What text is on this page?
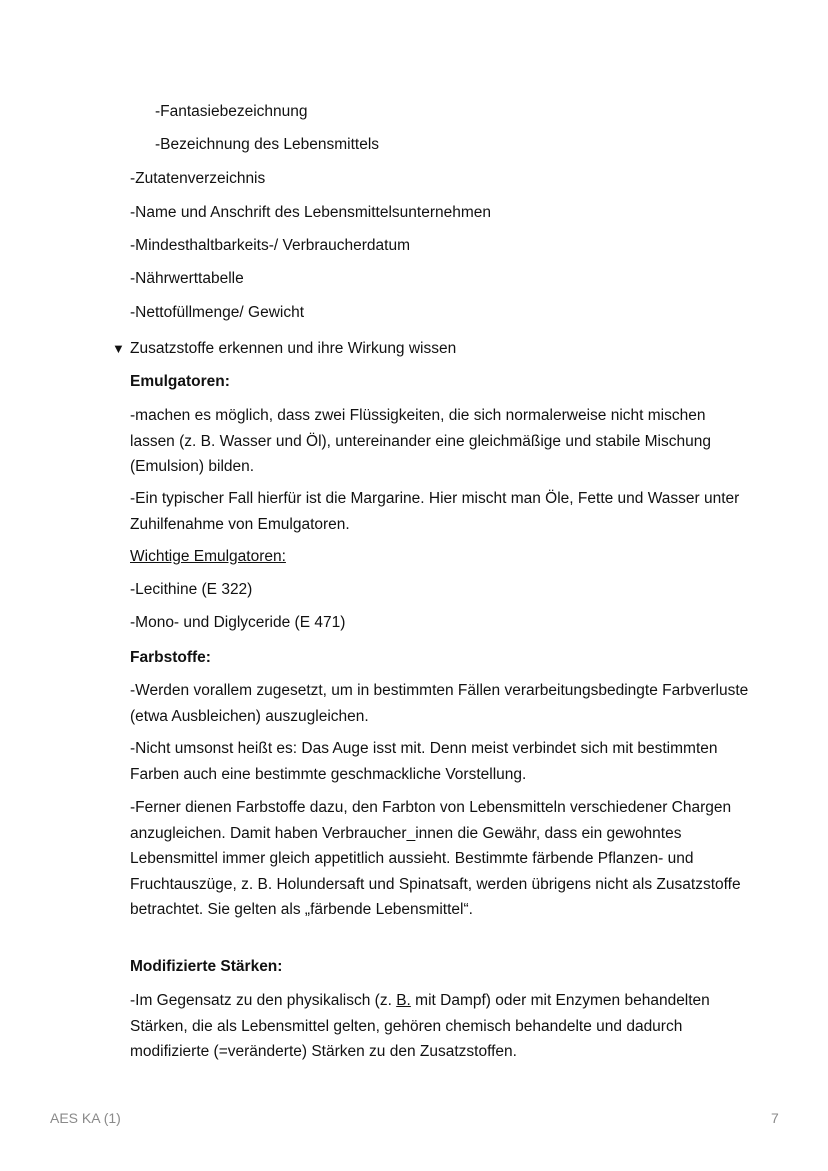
-Fantasiebezeichnung
-Bezeichnung des Lebensmittels
-Zutatenverzeichnis
-Name und Anschrift des Lebensmittelsunternehmen
-Mindesthaltbarkeits-/ Verbraucherdatum
-Nährwerttabelle
-Nettofüllmenge/ Gewicht
▼ Zusatzstoffe erkennen und ihre Wirkung wissen
Emulgatoren:
-machen es möglich, dass zwei Flüssigkeiten, die sich normalerweise nicht mischen lassen (z. B. Wasser und Öl), untereinander eine gleichmäßige und stabile Mischung (Emulsion) bilden.
-Ein typischer Fall hierfür ist die Margarine. Hier mischt man Öle, Fette und Wasser unter Zuhilfenahme von Emulgatoren.
Wichtige Emulgatoren:
-Lecithine (E 322)
-Mono- und Diglyceride (E 471)
Farbstoffe:
-Werden vorallem zugesetzt, um in bestimmten Fällen verarbeitungsbedingte Farbverluste (etwa Ausbleichen) auszugleichen.
-Nicht umsonst heißt es: Das Auge isst mit. Denn meist verbindet sich mit bestimmten Farben auch eine bestimmte geschmackliche Vorstellung.
-Ferner dienen Farbstoffe dazu, den Farbton von Lebensmitteln verschiedener Chargen anzugleichen. Damit haben Verbraucher_innen die Gewähr, dass ein gewohntes Lebensmittel immer gleich appetitlich aussieht. Bestimmte färbende Pflanzen- und Fruchtauszüge, z. B. Holundersaft und Spinatsaft, werden übrigens nicht als Zusatzstoffe betrachtet. Sie gelten als „färbende Lebensmittel“.
Modifizierte Stärken:
-Im Gegensatz zu den physikalisch (z. B. mit Dampf) oder mit Enzymen behandelten Stärken, die als Lebensmittel gelten, gehören chemisch behandelte und dadurch modifizierte (=veränderte) Stärken zu den Zusatzstoffen.
AES KA (1)	7
